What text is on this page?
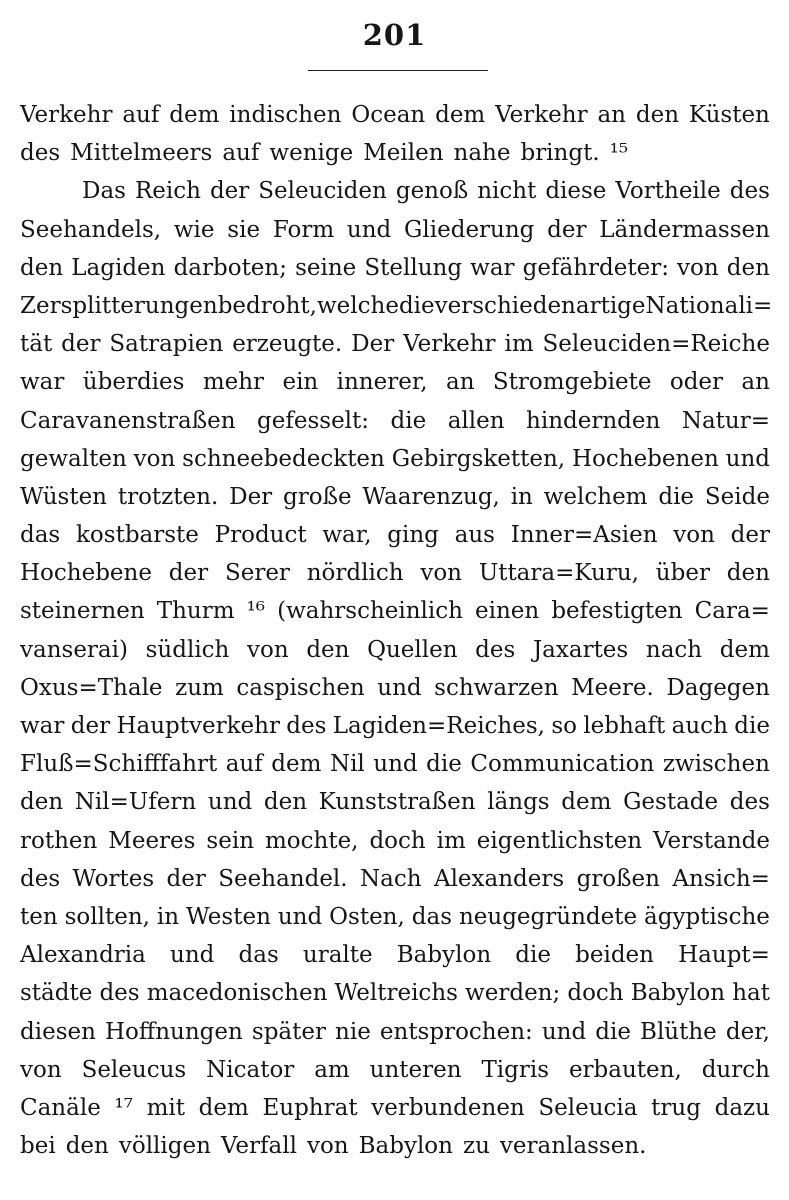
201
Verkehr auf dem indischen Ocean dem Verkehr an den Küsten
des Mittelmeers auf wenige Meilen nahe bringt. ¹⁵
Das Reich der Seleuciden genoß nicht diese Vortheile des
Seehandels, wie sie Form und Gliederung der Ländermassen
den Lagiden darboten; seine Stellung war gefährdeter: von den
Zersplitterungen bedroht, welche die verschiedenartige Nationali=
tät der Satrapien erzeugte. Der Verkehr im Seleuciden=Reiche
war überdies mehr ein innerer, an Stromgebiete oder an
Caravanenstraßen gefesselt: die allen hindernden Natur=
gewalten von schneebedeckten Gebirgsketten, Hochebenen und
Wüsten trotzten. Der große Waarenzug, in welchem die Seide
das kostbarste Product war, ging aus Inner=Asien von der
Hochebene der Serer nördlich von Uttara=Kuru, über den
steinernen Thurm ¹⁶ (wahrscheinlich einen befestigten Cara=
vanserai) südlich von den Quellen des Jaxartes nach dem
Oxus=Thale zum caspischen und schwarzen Meere. Dagegen
war der Hauptverkehr des Lagiden=Reiches, so lebhaft auch die
Fluß=Schifffahrt auf dem Nil und die Communication zwischen
den Nil=Ufern und den Kunststraßen längs dem Gestade des
rothen Meeres sein mochte, doch im eigentlichsten Verstande
des Wortes der Seehandel. Nach Alexanders großen Ansich=
ten sollten, in Westen und Osten, das neugegründete ägyptische
Alexandria und das uralte Babylon die beiden Haupt=
städte des macedonischen Weltreichs werden; doch Babylon hat
diesen Hoffnungen später nie entsprochen: und die Blüthe der,
von Seleucus Nicator am unteren Tigris erbauten, durch
Canäle ¹⁷ mit dem Euphrat verbundenen Seleucia trug dazu
bei den völligen Verfall von Babylon zu veranlassen.
